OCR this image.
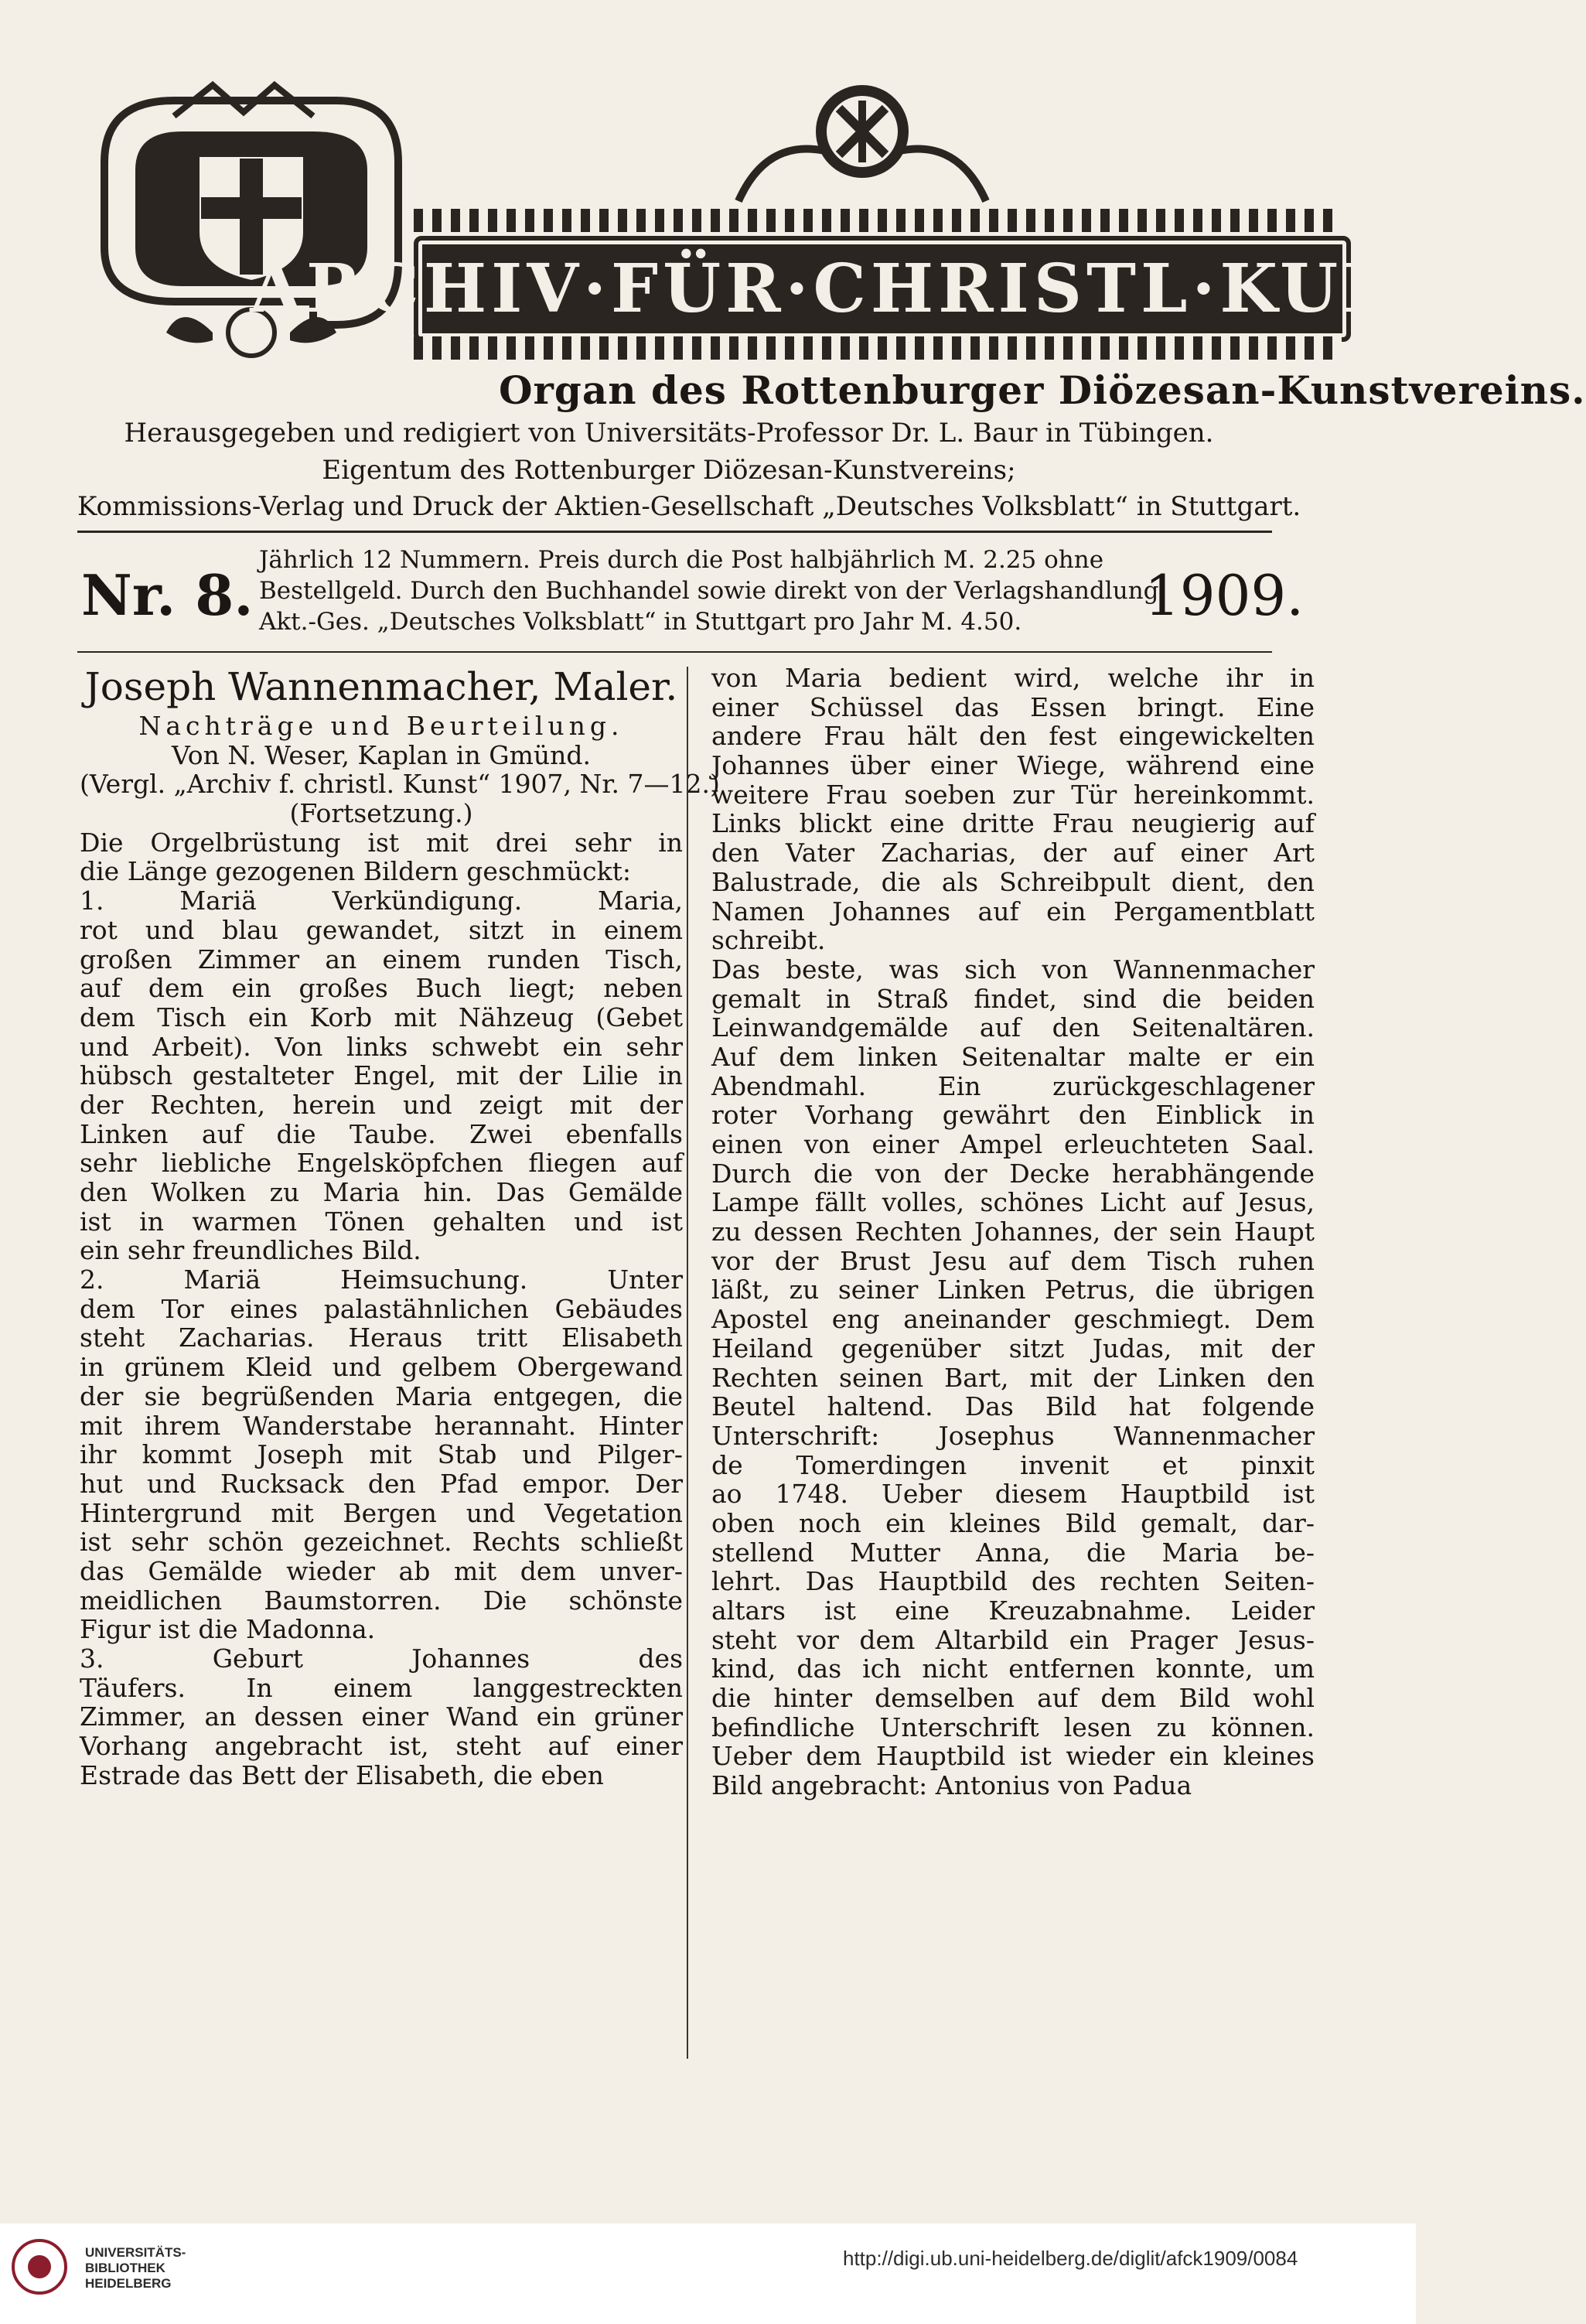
ARCHIV·FÜR·CHRISTL·KUNST
Organ des Rottenburger Diözesan-Kunstvereins.
Herausgegeben und redigiert von Universitäts-Professor Dr. L. Baur in Tübingen.
Eigentum des Rottenburger Diözesan-Kunstvereins;
Kommissions-Verlag und Druck der Aktien-Gesellschaft „Deutsches Volksblatt“ in Stuttgart.
Nr. 8.
Jährlich 12 Nummern. Preis durch die Post halbjährlich M. 2.25 ohne
Bestellgeld. Durch den Buchhandel sowie direkt von der Verlagshandlung
Akt.-Ges. „Deutsches Volksblatt“ in Stuttgart pro Jahr M. 4.50. 1909.
Joseph Wannenmacher, Maler.
Nachträge und Beurteilung.
Von N. Weser, Kaplan in Gmünd.
(Vergl. „Archiv f. christl. Kunst“ 1907, Nr. 7—12.)
(Fortsetzung.)
Die Orgelbrüstung ist mit drei sehr in
die Länge gezogenen Bildern geschmückt:
1. Mariä Verkündigung. Maria,
rot und blau gewandet, sitzt in einem
großen Zimmer an einem runden Tisch,
auf dem ein großes Buch liegt; neben
dem Tisch ein Korb mit Nähzeug (Gebet
und Arbeit). Von links schwebt ein sehr
hübsch gestalteter Engel, mit der Lilie in
der Rechten, herein und zeigt mit der
Linken auf die Taube. Zwei ebenfalls
sehr liebliche Engelsköpfchen fliegen auf
den Wolken zu Maria hin. Das Gemälde
ist in warmen Tönen gehalten und ist
ein sehr freundliches Bild.
2. Mariä Heimsuchung. Unter
dem Tor eines palastähnlichen Gebäudes
steht Zacharias. Heraus tritt Elisabeth
in grünem Kleid und gelbem Obergewand
der sie begrüßenden Maria entgegen, die
mit ihrem Wanderstabe herannaht. Hinter
ihr kommt Joseph mit Stab und Pilger-
hut und Rucksack den Pfad empor. Der
Hintergrund mit Bergen und Vegetation
ist sehr schön gezeichnet. Rechts schließt
das Gemälde wieder ab mit dem unver-
meidlichen Baumstorren. Die schönste
Figur ist die Madonna.
3. Geburt Johannes des
Täufers. In einem langgestreckten
Zimmer, an dessen einer Wand ein grüner
Vorhang angebracht ist, steht auf einer
Estrade das Bett der Elisabeth, die eben
von Maria bedient wird, welche ihr in
einer Schüssel das Essen bringt. Eine
andere Frau hält den fest eingewickelten
Johannes über einer Wiege, während eine
weitere Frau soeben zur Tür hereinkommt.
Links blickt eine dritte Frau neugierig auf
den Vater Zacharias, der auf einer Art
Balustrade, die als Schreibpult dient, den
Namen Johannes auf ein Pergamentblatt
schreibt.
Das beste, was sich von Wannenmacher
gemalt in Straß findet, sind die beiden
Leinwandgemälde auf den Seitenaltären.
Auf dem linken Seitenaltar malte er ein
Abendmahl. Ein zurückgeschlagener
roter Vorhang gewährt den Einblick in
einen von einer Ampel erleuchteten Saal.
Durch die von der Decke herabhängende
Lampe fällt volles, schönes Licht auf Jesus,
zu dessen Rechten Johannes, der sein Haupt
vor der Brust Jesu auf dem Tisch ruhen
läßt, zu seiner Linken Petrus, die übrigen
Apostel eng aneinander geschmiegt. Dem
Heiland gegenüber sitzt Judas, mit der
Rechten seinen Bart, mit der Linken den
Beutel haltend. Das Bild hat folgende
Unterschrift: Josephus Wannenmacher
de Tomerdingen invenit et pinxit
ao 1748. Ueber diesem Hauptbild ist
oben noch ein kleines Bild gemalt, dar-
stellend Mutter Anna, die Maria be-
lehrt. Das Hauptbild des rechten Seiten-
altars ist eine Kreuzabnahme. Leider
steht vor dem Altarbild ein Prager Jesus-
kind, das ich nicht entfernen konnte, um
die hinter demselben auf dem Bild wohl
befindliche Unterschrift lesen zu können.
Ueber dem Hauptbild ist wieder ein kleines
Bild angebracht: Antonius von Padua
UNIVERSITÄTS-BIBLIOTHEK HEIDELBERG
http://digi.ub.uni-heidelberg.de/diglit/afck1909/0084
